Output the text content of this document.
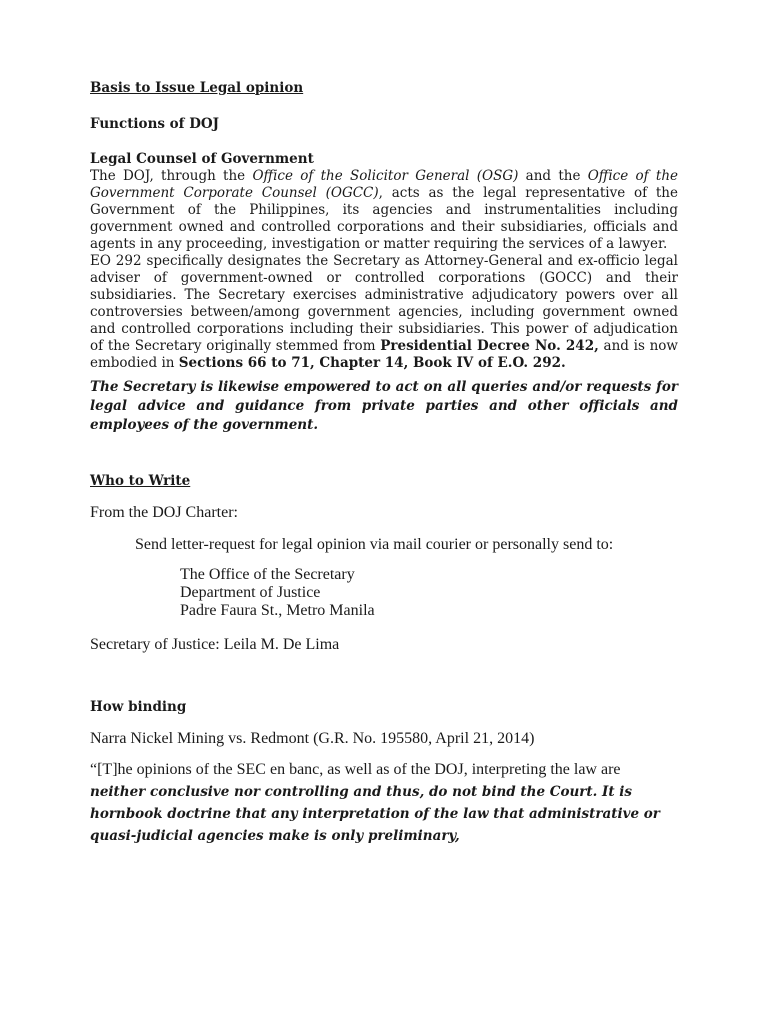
Basis to Issue Legal opinion

Functions of DOJ

Legal Counsel of Government

The DOJ, through the Office of the Solicitor General (OSG) and the Office of the Government Corporate Counsel (OGCC), acts as the legal representative of the Government of the Philippines, its agencies and instrumentalities including government owned and controlled corporations and their subsidiaries, officials and agents in any proceeding, investigation or matter requiring the services of a lawyer.

EO 292 specifically designates the Secretary as Attorney-General and ex-officio legal adviser of government-owned or controlled corporations (GOCC) and their subsidiaries. The Secretary exercises administrative adjudicatory powers over all controversies between/among government agencies, including government owned and controlled corporations including their subsidiaries. This power of adjudication of the Secretary originally stemmed from Presidential Decree No. 242, and is now embodied in Sections 66 to 71, Chapter 14, Book IV of E.O. 292.

The Secretary is likewise empowered to act on all queries and/or requests for legal advice and guidance from private parties and other officials and employees of the government.

Who to Write

From the DOJ Charter:

Send letter-request for legal opinion via mail courier or personally send to:

The Office of the Secretary

Department of Justice

Padre Faura St., Metro Manila

Secretary of Justice: Leila M. De Lima

How binding

Narra Nickel Mining vs. Redmont (G.R. No. 195580, April 21, 2014)

“[T]he opinions of the SEC en banc, as well as of the DOJ, interpreting the law are neither conclusive nor controlling and thus, do not bind the Court. It is hornbook doctrine that any interpretation of the law that administrative or quasi-judicial agencies make is only preliminary,
